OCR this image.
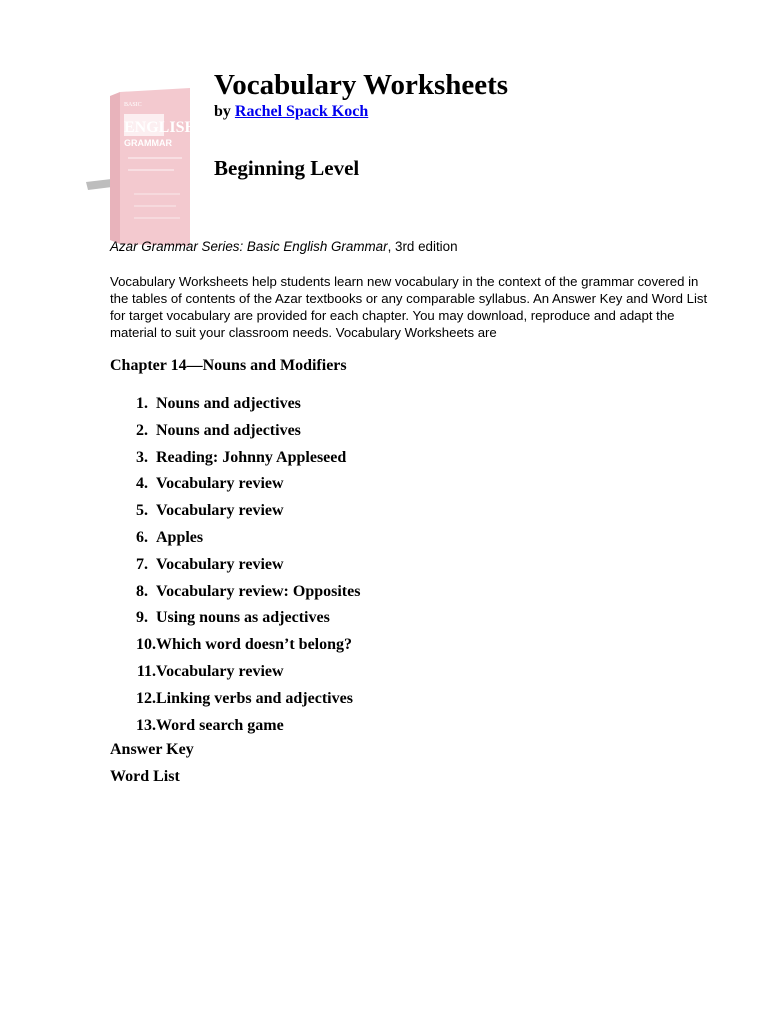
BASIC
ENGLISH
GRAMMAR
Vocabulary Worksheets
by Rachel Spack Koch
Beginning Level
Azar Grammar Series: Basic English Grammar, 3rd edition

Vocabulary Worksheets help students learn new vocabulary in the context of the grammar covered in the tables of contents of the Azar textbooks or any comparable syllabus. An Answer Key and Word List for target vocabulary are provided for each chapter. You may download, reproduce and adapt the material to suit your classroom needs. Vocabulary Worksheets are

Chapter 14—Nouns and Modifiers
1. Nouns and adjectives
2. Nouns and adjectives
3. Reading: Johnny Appleseed
4. Vocabulary review
5. Vocabulary review
6. Apples
7. Vocabulary review
8. Vocabulary review: Opposites
9. Using nouns as adjectives
10. Which word doesn’t belong?
11. Vocabulary review
12. Linking verbs and adjectives
13. Word search game
Answer Key
Word List
